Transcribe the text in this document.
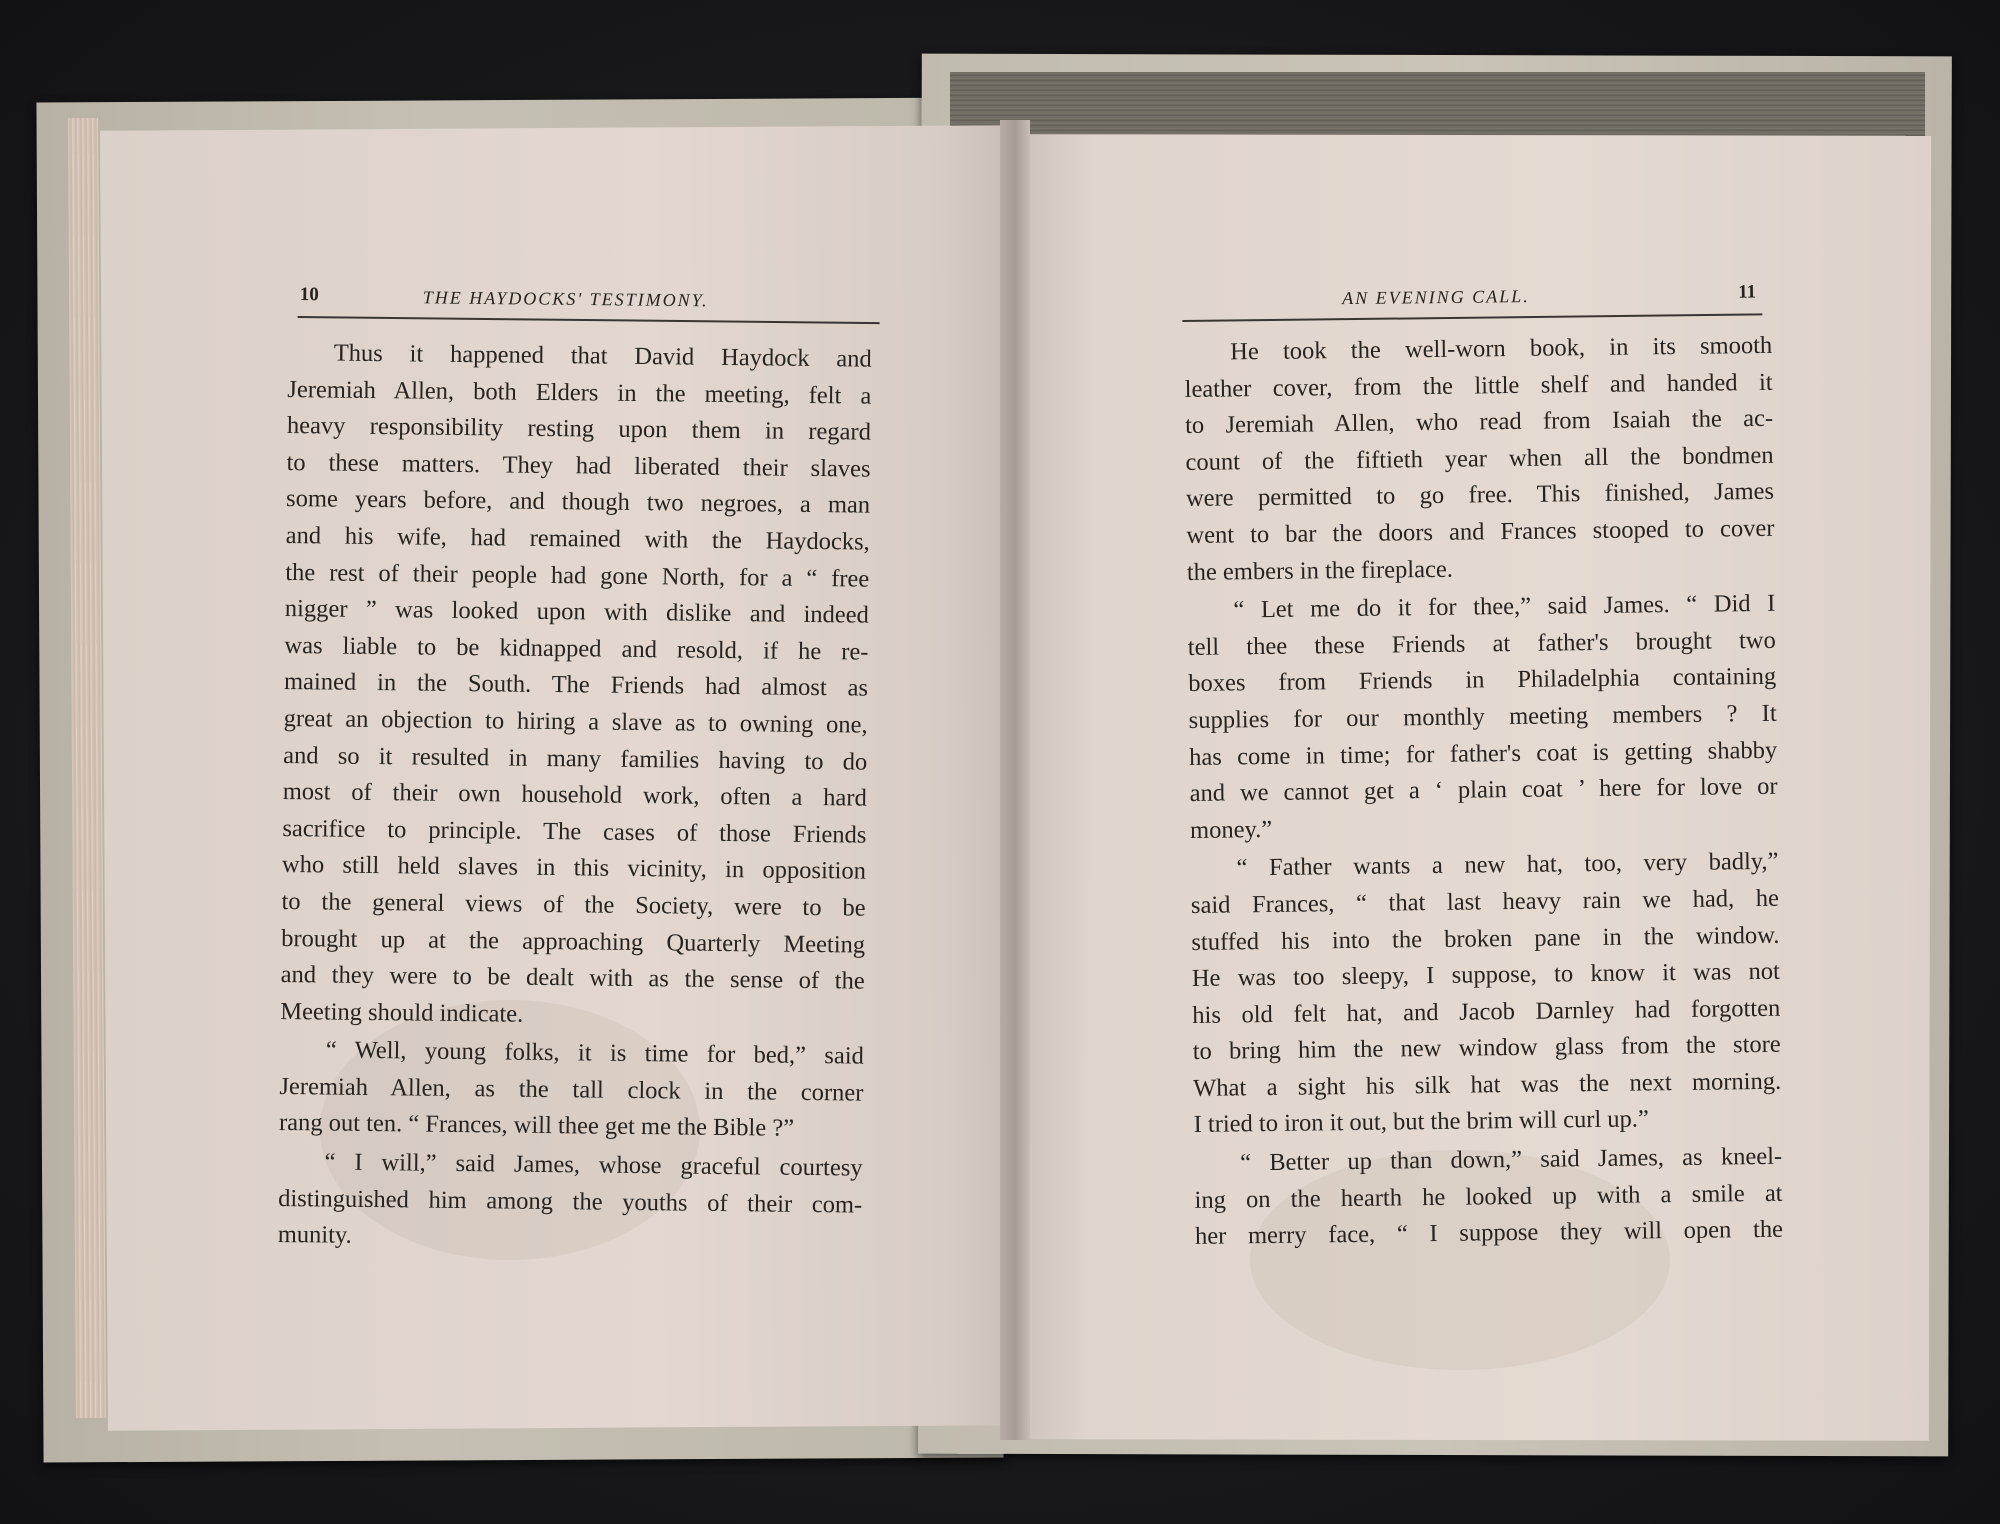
10	THE HAYDOCKS' TESTIMONY.	AN EVENING CALL.	11
Thus it happened that David Haydock and
Jeremiah Allen, both Elders in the meeting, felt a
heavy responsibility resting upon them in regard
to these matters. They had liberated their slaves
some years before, and though two negroes, a man
and his wife, had remained with the Haydocks,
the rest of their people had gone North, for a “ free
nigger ” was looked upon with dislike and indeed
was liable to be kidnapped and resold, if he re-
mained in the South. The Friends had almost as
great an objection to hiring a slave as to owning one,
and so it resulted in many families having to do
most of their own household work, often a hard
sacrifice to principle. The cases of those Friends
who still held slaves in this vicinity, in opposition
to the general views of the Society, were to be
brought up at the approaching Quarterly Meeting
and they were to be dealt with as the sense of the
Meeting should indicate.
“ Well, young folks, it is time for bed,” said
Jeremiah Allen, as the tall clock in the corner
rang out ten. “ Frances, will thee get me the Bible ?”
“ I will,” said James, whose graceful courtesy
distinguished him among the youths of their com-
munity.
He took the well-worn book, in its smooth
leather cover, from the little shelf and handed it
to Jeremiah Allen, who read from Isaiah the ac-
count of the fiftieth year when all the bondmen
were permitted to go free. This finished, James
went to bar the doors and Frances stooped to cover
the embers in the fireplace.
“ Let me do it for thee,” said James. “ Did I
tell thee these Friends at father's brought two
boxes from Friends in Philadelphia containing
supplies for our monthly meeting members ? It
has come in time; for father's coat is getting shabby
and we cannot get a ‘ plain coat ’ here for love or
money.”
“ Father wants a new hat, too, very badly,”
said Frances, “ that last heavy rain we had, he
stuffed his into the broken pane in the window.
He was too sleepy, I suppose, to know it was not
his old felt hat, and Jacob Darnley had forgotten
to bring him the new window glass from the store
What a sight his silk hat was the next morning.
I tried to iron it out, but the brim will curl up.”
“ Better up than down,” said James, as kneel-
ing on the hearth he looked up with a smile at
her merry face, “ I suppose they will open the
